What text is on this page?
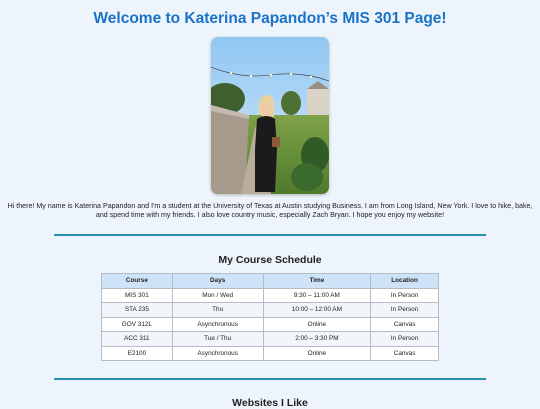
Welcome to Katerina Papandon’s MIS 301 Page!

Hi there! My name is Katerina Papandon and I'm a student at the University of Texas at Austin studying Business. I am from Long Island, New York. I love to hike, bake, and spend time with my friends. I also love country music, especially Zach Bryan. I hope you enjoy my website!

My Course Schedule
Course	Days	Time	Location
MIS 301	Mon / Wed	9:30 – 11:00 AM	In Person
STA 235	Thu	10:00 – 12:00 AM	In Person
GOV 312L	Asynchronous	Online	Canvas
ACC 311	Tue / Thu	2:00 – 3:30 PM	In Person
E2100	Asynchronous	Online	Canvas
Websites I Like
